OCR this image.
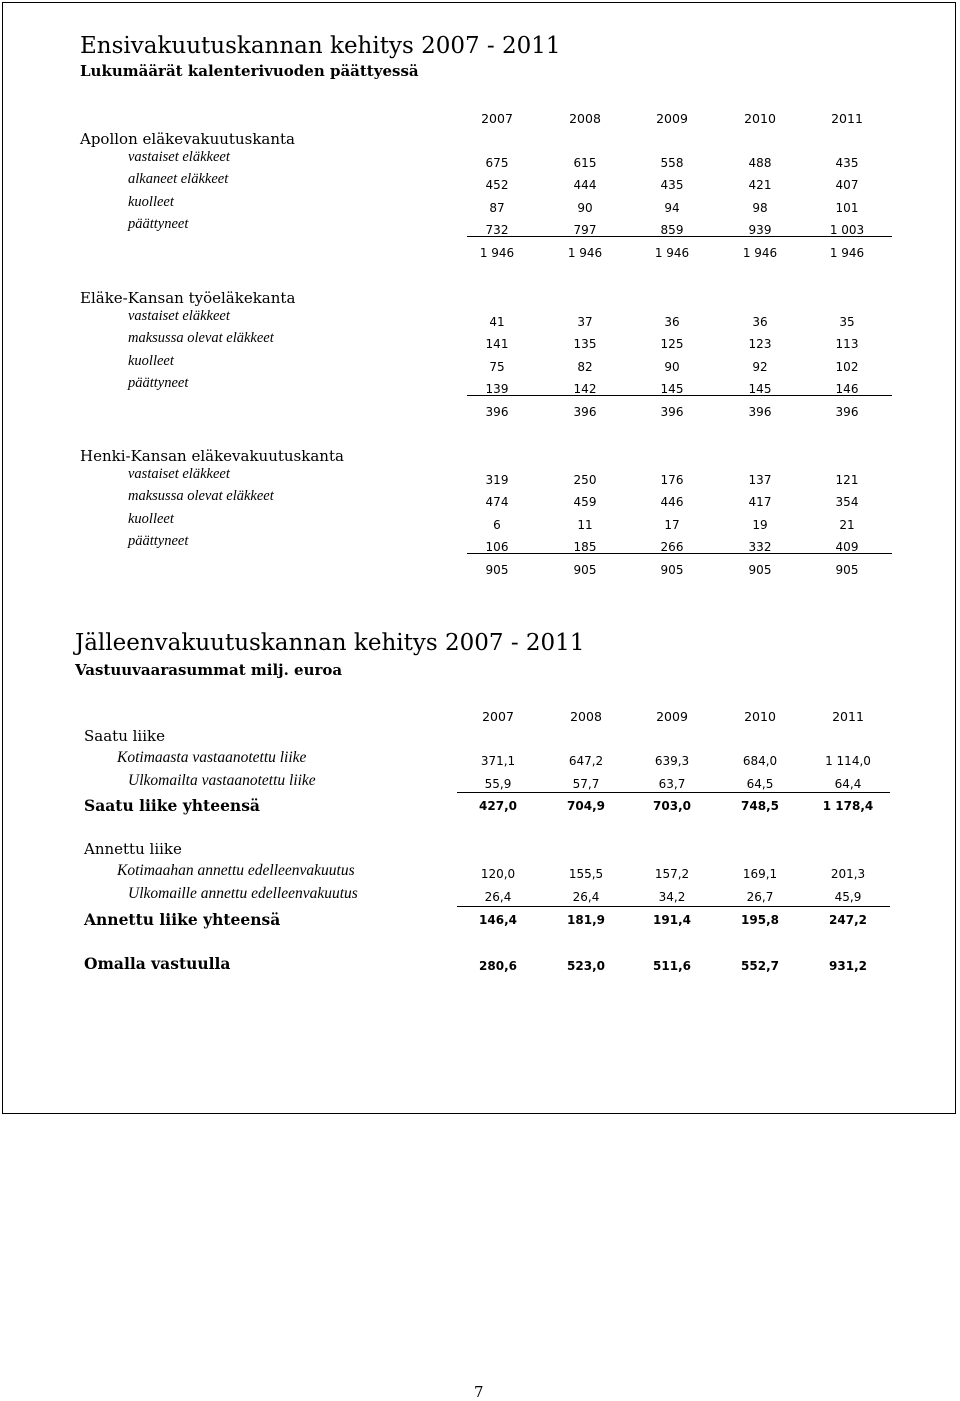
Ensivakuutuskannan kehitys 2007 - 2011
Lukumäärät kalenterivuoden päättyessä
2007	2008	2009	2010	2011
Apollon eläkevakuutuskanta
vastaiset eläkkeet	675	615	558	488	435
alkaneet eläkkeet	452	444	435	421	407
kuolleet	87	90	94	98	101
päättyneet	732	797	859	939	1 003
1 946	1 946	1 946	1 946	1 946
Eläke-Kansan työeläkekanta
vastaiset eläkkeet	41	37	36	36	35
maksussa olevat eläkkeet	141	135	125	123	113
kuolleet	75	82	90	92	102
päättyneet	139	142	145	145	146
396	396	396	396	396
Henki-Kansan eläkevakuutuskanta
vastaiset eläkkeet	319	250	176	137	121
maksussa olevat eläkkeet	474	459	446	417	354
kuolleet	6	11	17	19	21
päättyneet	106	185	266	332	409
905	905	905	905	905
Jälleenvakuutuskannan kehitys 2007 - 2011
Vastuuvaarasummat milj. euroa
2007	2008	2009	2010	2011
Saatu liike
Kotimaasta vastaanotettu liike	371,1	647,2	639,3	684,0	1 114,0
Ulkomailta vastaanotettu liike	55,9	57,7	63,7	64,5	64,4
Saatu liike yhteensä	427,0	704,9	703,0	748,5	1 178,4
Annettu liike
Kotimaahan annettu edelleenvakuutus	120,0	155,5	157,2	169,1	201,3
Ulkomaille annettu edelleenvakuutus	26,4	26,4	34,2	26,7	45,9
Annettu liike yhteensä	146,4	181,9	191,4	195,8	247,2
Omalla vastuulla	280,6	523,0	511,6	552,7	931,2
7
